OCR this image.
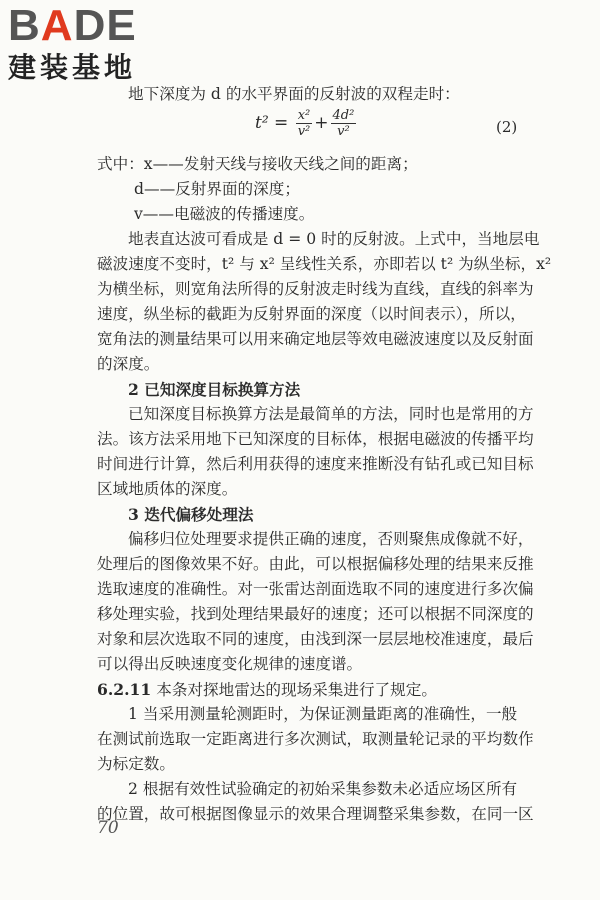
BADE
建装基地
地下深度为 d 的水平界面的反射波的双程走时：
$t^2 = \frac{\text{x²}}{\text{v²}} + \frac{\text{4d²}}{\text{v²}}$	(2)
式中：x——发射天线与接收天线之间的距离；
d——反射界面的深度；
v——电磁波的传播速度。
地表直达波可看成是 d = 0 时的反射波。上式中，当地层电
磁波速度不变时，t² 与 x² 呈线性关系，亦即若以 t² 为纵坐标，x²
为横坐标，则宽角法所得的反射波走时线为直线，直线的斜率为
速度，纵坐标的截距为反射界面的深度（以时间表示），所以，
宽角法的测量结果可以用来确定地层等效电磁波速度以及反射面
的深度。
2 已知深度目标换算方法
已知深度目标换算方法是最简单的方法，同时也是常用的方
法。该方法采用地下已知深度的目标体，根据电磁波的传播平均
时间进行计算，然后利用获得的速度来推断没有钻孔或已知目标
区域地质体的深度。
3 迭代偏移处理法
偏移归位处理要求提供正确的速度，否则聚焦成像就不好，
处理后的图像效果不好。由此，可以根据偏移处理的结果来反推
选取速度的准确性。对一张雷达剖面选取不同的速度进行多次偏
移处理实验，找到处理结果最好的速度；还可以根据不同深度的
对象和层次选取不同的速度，由浅到深一层层地校准速度，最后
可以得出反映速度变化规律的速度谱。
6.2.11 本条对探地雷达的现场采集进行了规定。
1 当采用测量轮测距时，为保证测量距离的准确性，一般
在测试前选取一定距离进行多次测试，取测量轮记录的平均数作
为标定数。
2 根据有效性试验确定的初始采集参数未必适应场区所有
的位置，故可根据图像显示的效果合理调整采集参数，在同一区
70
